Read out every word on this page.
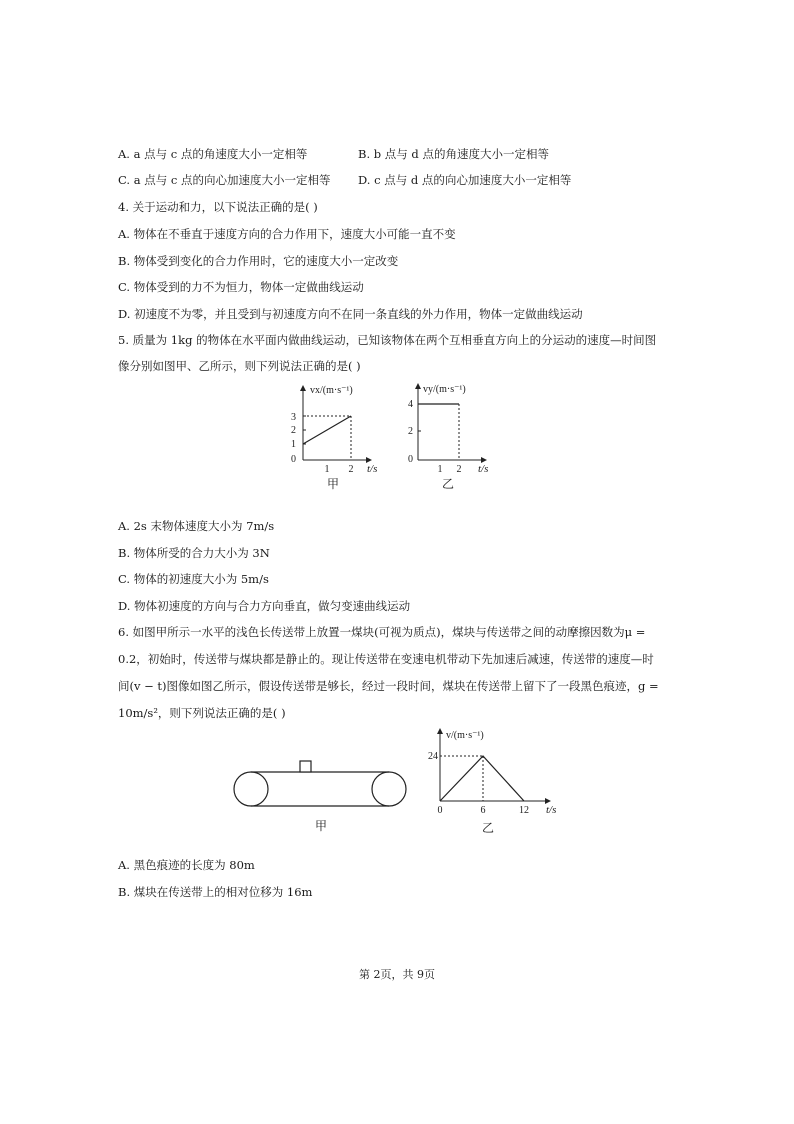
A. a 点与 c 点的角速度大小一定相等	B. b 点与 d 点的角速度大小一定相等
C. a 点与 c 点的向心加速度大小一定相等 D. c 点与 d 点的向心加速度大小一定相等
4. 关于运动和力，以下说法正确的是( )
A. 物体在不垂直于速度方向的合力作用下，速度大小可能一直不变
B. 物体受到变化的合力作用时，它的速度大小一定改变
C. 物体受到的力不为恒力，物体一定做曲线运动
D. 初速度不为零，并且受到与初速度方向不在同一条直线的外力作用，物体一定做曲线运动
5. 质量为 1kg 的物体在水平面内做曲线运动，已知该物体在两个互相垂直方向上的分运动的速度—时间图
像分别如图甲、乙所示，则下列说法正确的是( )
vx/(m·s⁻¹)
3
2
1
0
1 2 t/s
甲
vy/(m·s⁻¹)
4
2
0
1 2 t/s
乙
A. 2s 末物体速度大小为 7m/s
B. 物体所受的合力大小为 3N
C. 物体的初速度大小为 5m/s
D. 物体初速度的方向与合力方向垂直，做匀变速曲线运动
6. 如图甲所示一水平的浅色长传送带上放置一煤块(可视为质点)，煤块与传送带之间的动摩擦因数为μ =
0.2，初始时，传送带与煤块都是静止的。现让传送带在变速电机带动下先加速后减速，传送带的速度—时
间(v − t)图像如图乙所示，假设传送带是够长，经过一段时间，煤块在传送带上留下了一段黑色痕迹，g =
10m/s²，则下列说法正确的是( )
甲
v/(m·s⁻¹)
24
0	6	12 t/s
乙
A. 黑色痕迹的长度为 80m
B. 煤块在传送带上的相对位移为 16m
第 2页，共 9页
